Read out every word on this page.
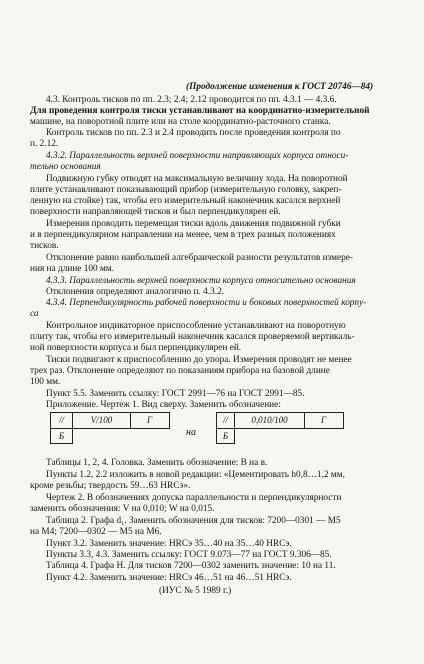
(Продолжение изменения к ГОСТ 20746—84)
4.3. Контроль тисков по пп. 2.3; 2.4; 2.12 проводится по пп. 4.3.1 — 4.3.6.
Для проведения контроля тиски устанавливают на координатно-измерительной
машине, на поворотной плите или на столе координатно-расточного станка.
Контроль тисков по пп. 2.3 и 2.4 проводить после проведения контроля по
п. 2.12.
4.3.2. Параллельность верхней поверхности направляющих корпуса относи-
тельно основания
Подвижную губку отводят на максимальную величину хода. На поворотной
плите устанавливают показывающий прибор (измерительную головку, закреп-
ленную на стойке) так, чтобы его измерительный наконечник касался верхней
поверхности направляющей тисков и был перпендикулярен ей.
Измерения проводить перемещая тиски вдоль движения подвижной губки
и в перпендикулярном направлении на менее, чем в трех разных положениях
тисков.
Отклонение равно наибольшей алгебраической разности результатов измере-
ния на длине 100 мм.
4.3.3. Параллельность верхней поверхности корпуса относительно основания
Отклонения определяют аналогично п. 4.3.2.
4.3.4. Перпендикулярность рабочей поверхности и боковых поверхностей корпу-
са
Контрольное индикаторное приспособление устанавливают на поворотную
плиту так, чтобы его измерительный наконечник касался проверяемой вертикаль-
ной поверхности корпуса и был перпендикулярен ей.
Тиски подвигают к приспособлению до упора. Измерения проводят не менее
трех раз. Отклонение определяют по показаниям прибора на базовой длине
100 мм.
Пункт 5.5. Заменить ссылку: ГОСТ 2991—76 на ГОСТ 2991—85.
Приложение. Чертеж 1. Вид сверху. Заменить обозначение:
//	V/100	Г
Б	на
//	0,010/100	Г
Б
Таблицы 1, 2, 4. Головка. Заменить обозначение: В на в.
Пункты 1.2, 2.2 изложить в новой редакции: «Цементировать h0,8…1,2 мм,
кроме резьбы; твердость 59…63 HRCэ».
Чертеж 2. В обозначениях допуска параллельности и перпендикулярности
заменить обозначения: V на 0,010; W на 0,015.
Таблица 2. Графа d₁. Заменить обозначения для тисков: 7200—0301 — М5
на М4; 7200—0302 — М5 на М6.
Пункт 3.2. Заменить значение: HRCэ 35…40 на 35…40 HRCэ.
Пункты 3.3, 4.3. Заменить ссылку: ГОСТ 9.073—77 на ГОСТ 9.306—85.
Таблица 4. Графа Н. Для тисков 7200—0302 заменить значение: 10 на 11.
Пункт 4.2. Заменить значение: HRCэ 46…51 на 46…51 HRCэ.
(ИУС № 5 1989 г.)
